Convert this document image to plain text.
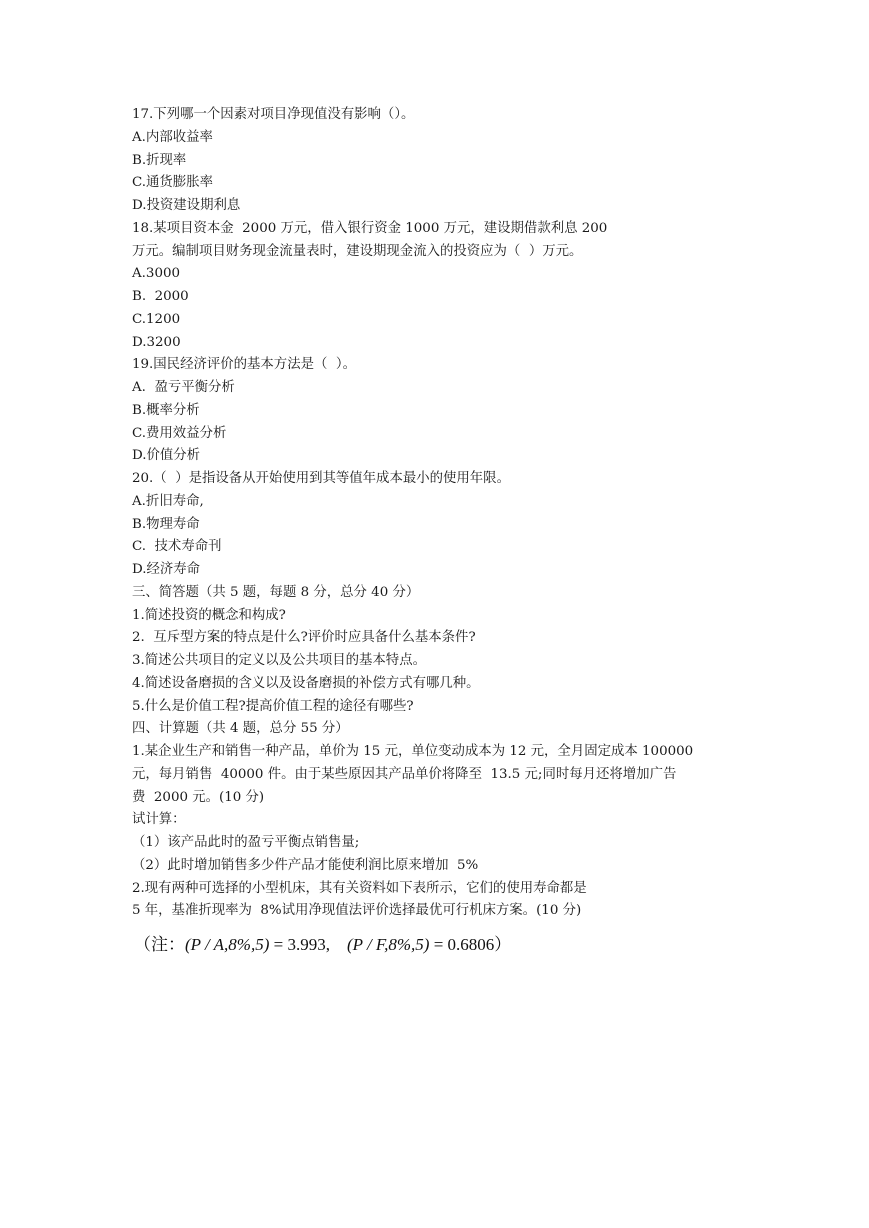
17.下列哪一个因素对项目净现值没有影响（）。
A.内部收益率
B.折现率
C.通货膨胀率
D.投资建设期利息
18.某项目资本金  2000 万元，借入银行资金 1000 万元，建设期借款利息 200
万元。编制项目财务现金流量表时，建设期现金流入的投资应为（  ）万元。
A.3000
B.  2000
C.1200
D.3200
19.国民经济评价的基本方法是（  ）。
A.  盈亏平衡分析
B.概率分析
C.费用效益分析
D.价值分析
20.（  ）是指设备从开始使用到其等值年成本最小的使用年限。
A.折旧寿命,
B.物理寿命
C.  技术寿命刊
D.经济寿命
三、简答题（共 5 题，每题 8 分，总分 40 分）
1.简述投资的概念和构成?
2.  互斥型方案的特点是什么?评价时应具备什么基本条件?
3.简述公共项目的定义以及公共项目的基本特点。
4.简述设备磨损的含义以及设备磨损的补偿方式有哪几种。
5.什么是价值工程?提高价值工程的途径有哪些?
四、计算题（共 4 题，总分 55 分）
1.某企业生产和销售一种产品，单价为 15 元，单位变动成本为 12 元，全月固定成本 100000
元，每月销售  40000 件。由于某些原因其产品单价将降至  13.5 元;同时每月还将增加广告
费  2000 元。(10 分)
试计算：
（1）该产品此时的盈亏平衡点销售量;
（2）此时增加销售多少件产品才能使利润比原来增加  5%
2.现有两种可选择的小型机床，其有关资料如下表所示，它们的使用寿命都是
5 年，基准折现率为  8%试用净现值法评价选择最优可行机床方案。(10 分)
（注：(P / A,8%,5) = 3.993, (P / F,8%,5) = 0.6806）
